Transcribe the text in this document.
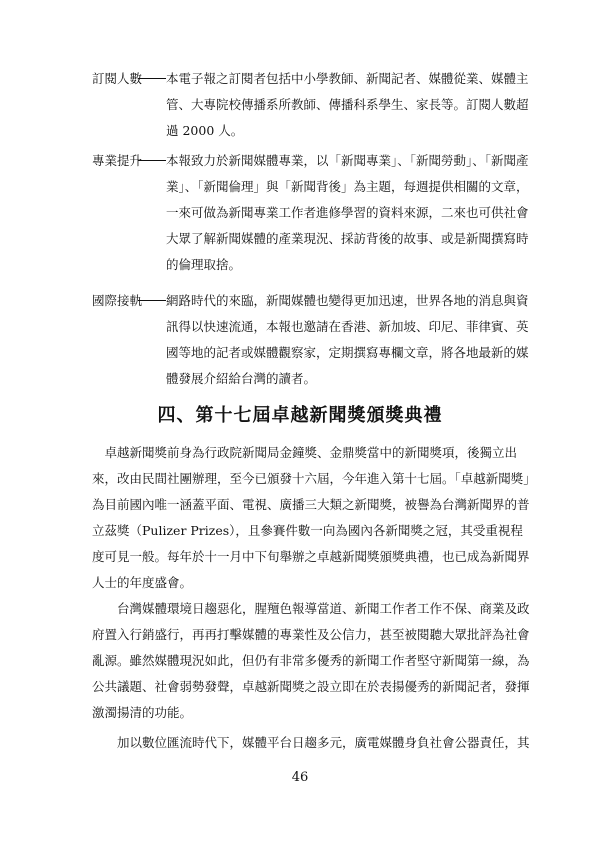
訂閱人數 本電子報之訂閱者包括中小學教師、新聞記者、媒體從業、媒體主
管、大專院校傳播系所教師、傳播科系學生、家長等。訂閱人數超
過 2000 人。
專業提升 本報致力於新聞媒體專業，以「新聞專業」、「新聞勞動」、「新聞產
業」、「新聞倫理」與「新聞背後」為主題，每週提供相關的文章，
一來可做為新聞專業工作者進修學習的資料來源，二來也可供社會
大眾了解新聞媒體的產業現況、採訪背後的故事、或是新聞撰寫時
的倫理取捨。
國際接軌 網路時代的來臨，新聞媒體也變得更加迅速，世界各地的消息與資
訊得以快速流通，本報也邀請在香港、新加坡、印尼、菲律賓、英
國等地的記者或媒體觀察家，定期撰寫專欄文章，將各地最新的媒
體發展介紹給台灣的讀者。
四、第十七屆卓越新聞獎頒獎典禮
　卓越新聞獎前身為行政院新聞局金鐘獎、金鼎獎當中的新聞獎項，後獨立出
來，改由民間社團辦理，至今已頒發十六屆，今年進入第十七屆。「卓越新聞獎」
為目前國內唯一涵蓋平面、電視、廣播三大類之新聞獎，被譽為台灣新聞界的普
立茲獎（Pulizer Prizes），且參賽件數一向為國內各新聞獎之冠，其受重視程
度可見一般。每年於十一月中下旬舉辦之卓越新聞獎頒獎典禮，也已成為新聞界
人士的年度盛會。
　　台灣媒體環境日趨惡化，腥羶色報導當道、新聞工作者工作不保、商業及政
府置入行銷盛行，再再打擊媒體的專業性及公信力，甚至被閱聽大眾批評為社會
亂源。雖然媒體現況如此，但仍有非常多優秀的新聞工作者堅守新聞第一線，為
公共議題、社會弱勢發聲，卓越新聞獎之設立即在於表揚優秀的新聞記者，發揮
激濁揚清的功能。
　　加以數位匯流時代下，媒體平台日趨多元，廣電媒體身負社會公器責任，其
46
